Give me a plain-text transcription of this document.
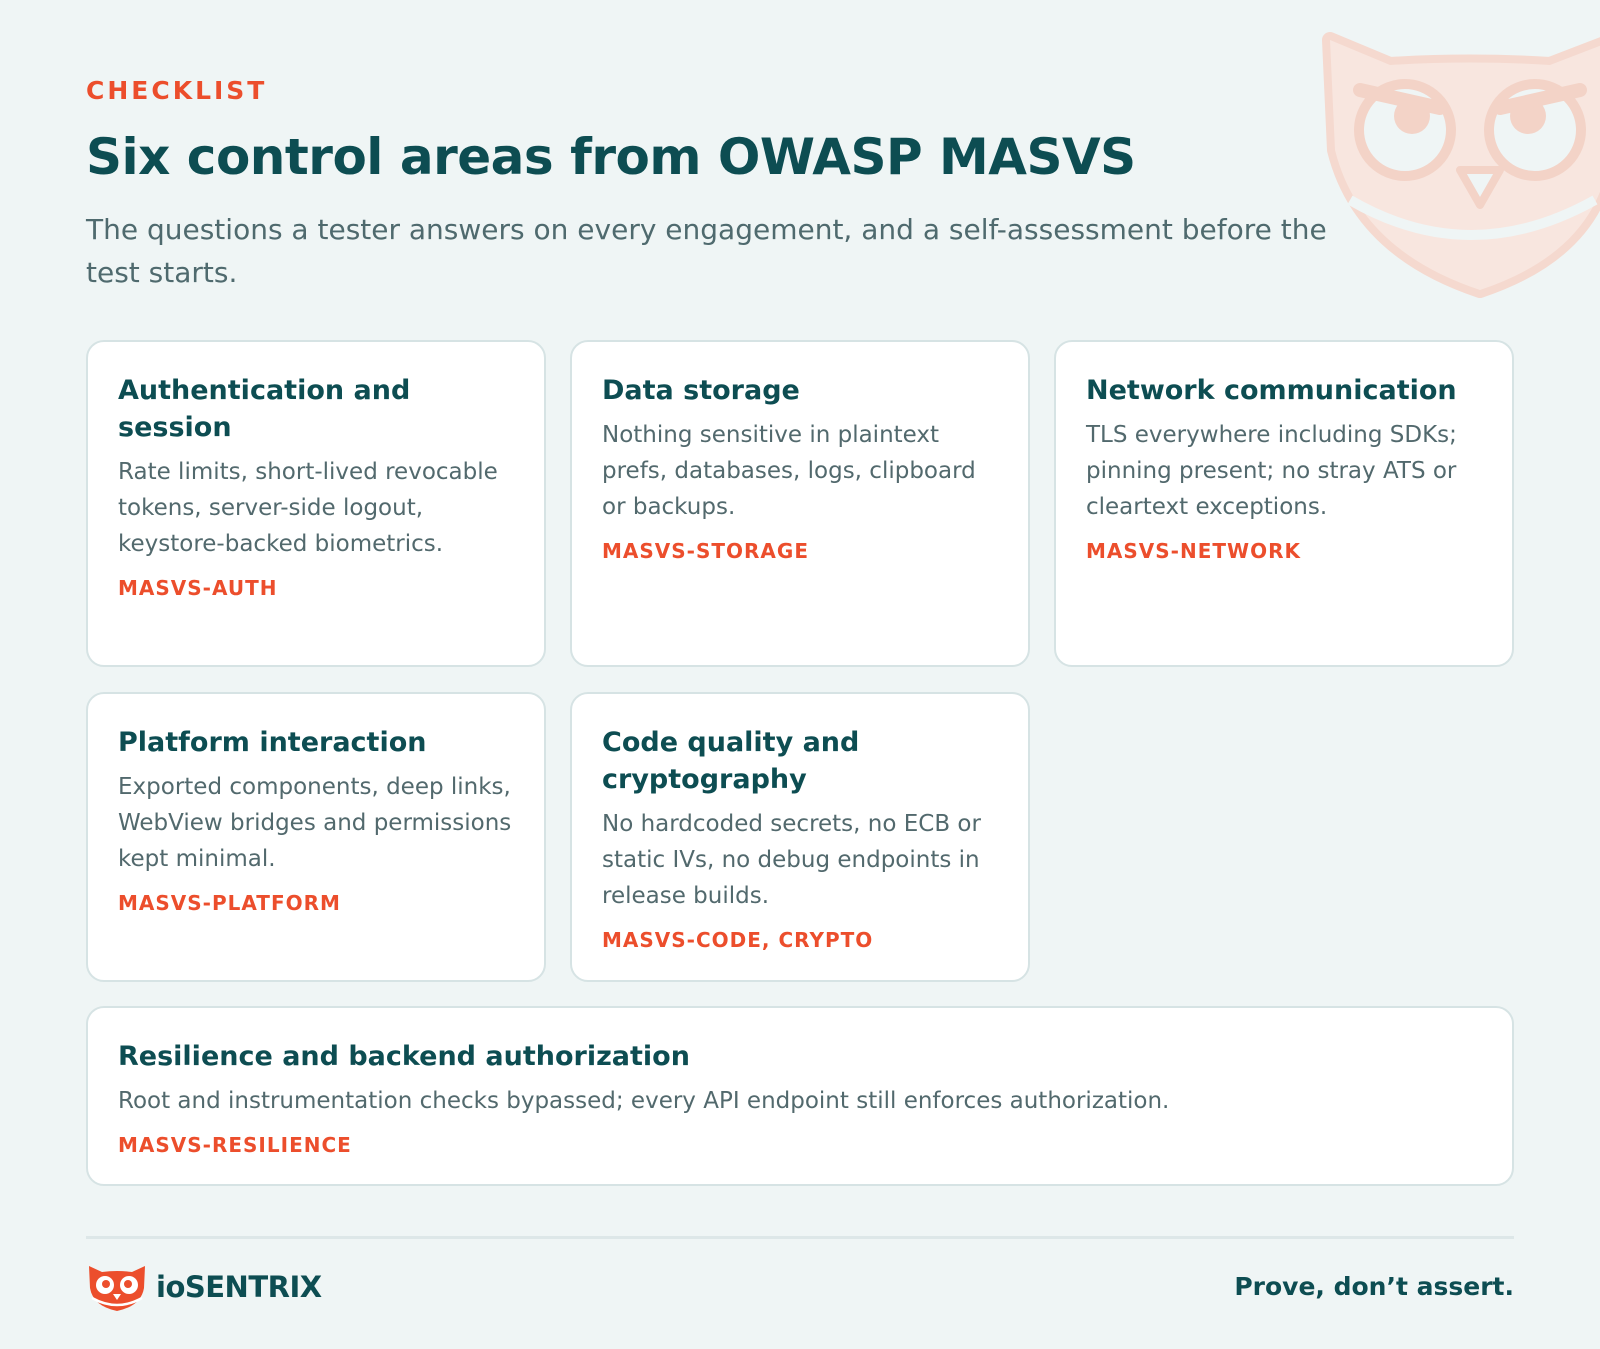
CHECKLIST
Six control areas from OWASP MASVS

The questions a tester answers on every engagement, and a self-assessment before the test starts.

Authentication and session

Rate limits, short-lived revocable tokens, server-side logout, keystore-backed biometrics.

MASVS-AUTH
Data storage

Nothing sensitive in plaintext prefs, databases, logs, clipboard or backups.

MASVS-STORAGE
Network communication

TLS everywhere including SDKs; pinning present; no stray ATS or cleartext exceptions.

MASVS-NETWORK
Platform interaction

Exported components, deep links, WebView bridges and permissions kept minimal.

MASVS-PLATFORM
Code quality and cryptography

No hardcoded secrets, no ECB or static IVs, no debug endpoints in release builds.

MASVS-CODE, CRYPTO
Resilience and backend authorization

Root and instrumentation checks bypassed; every API endpoint still enforces authorization.

MASVS-RESILIENCE
ioSENTRIX	Prove, don’t assert.
